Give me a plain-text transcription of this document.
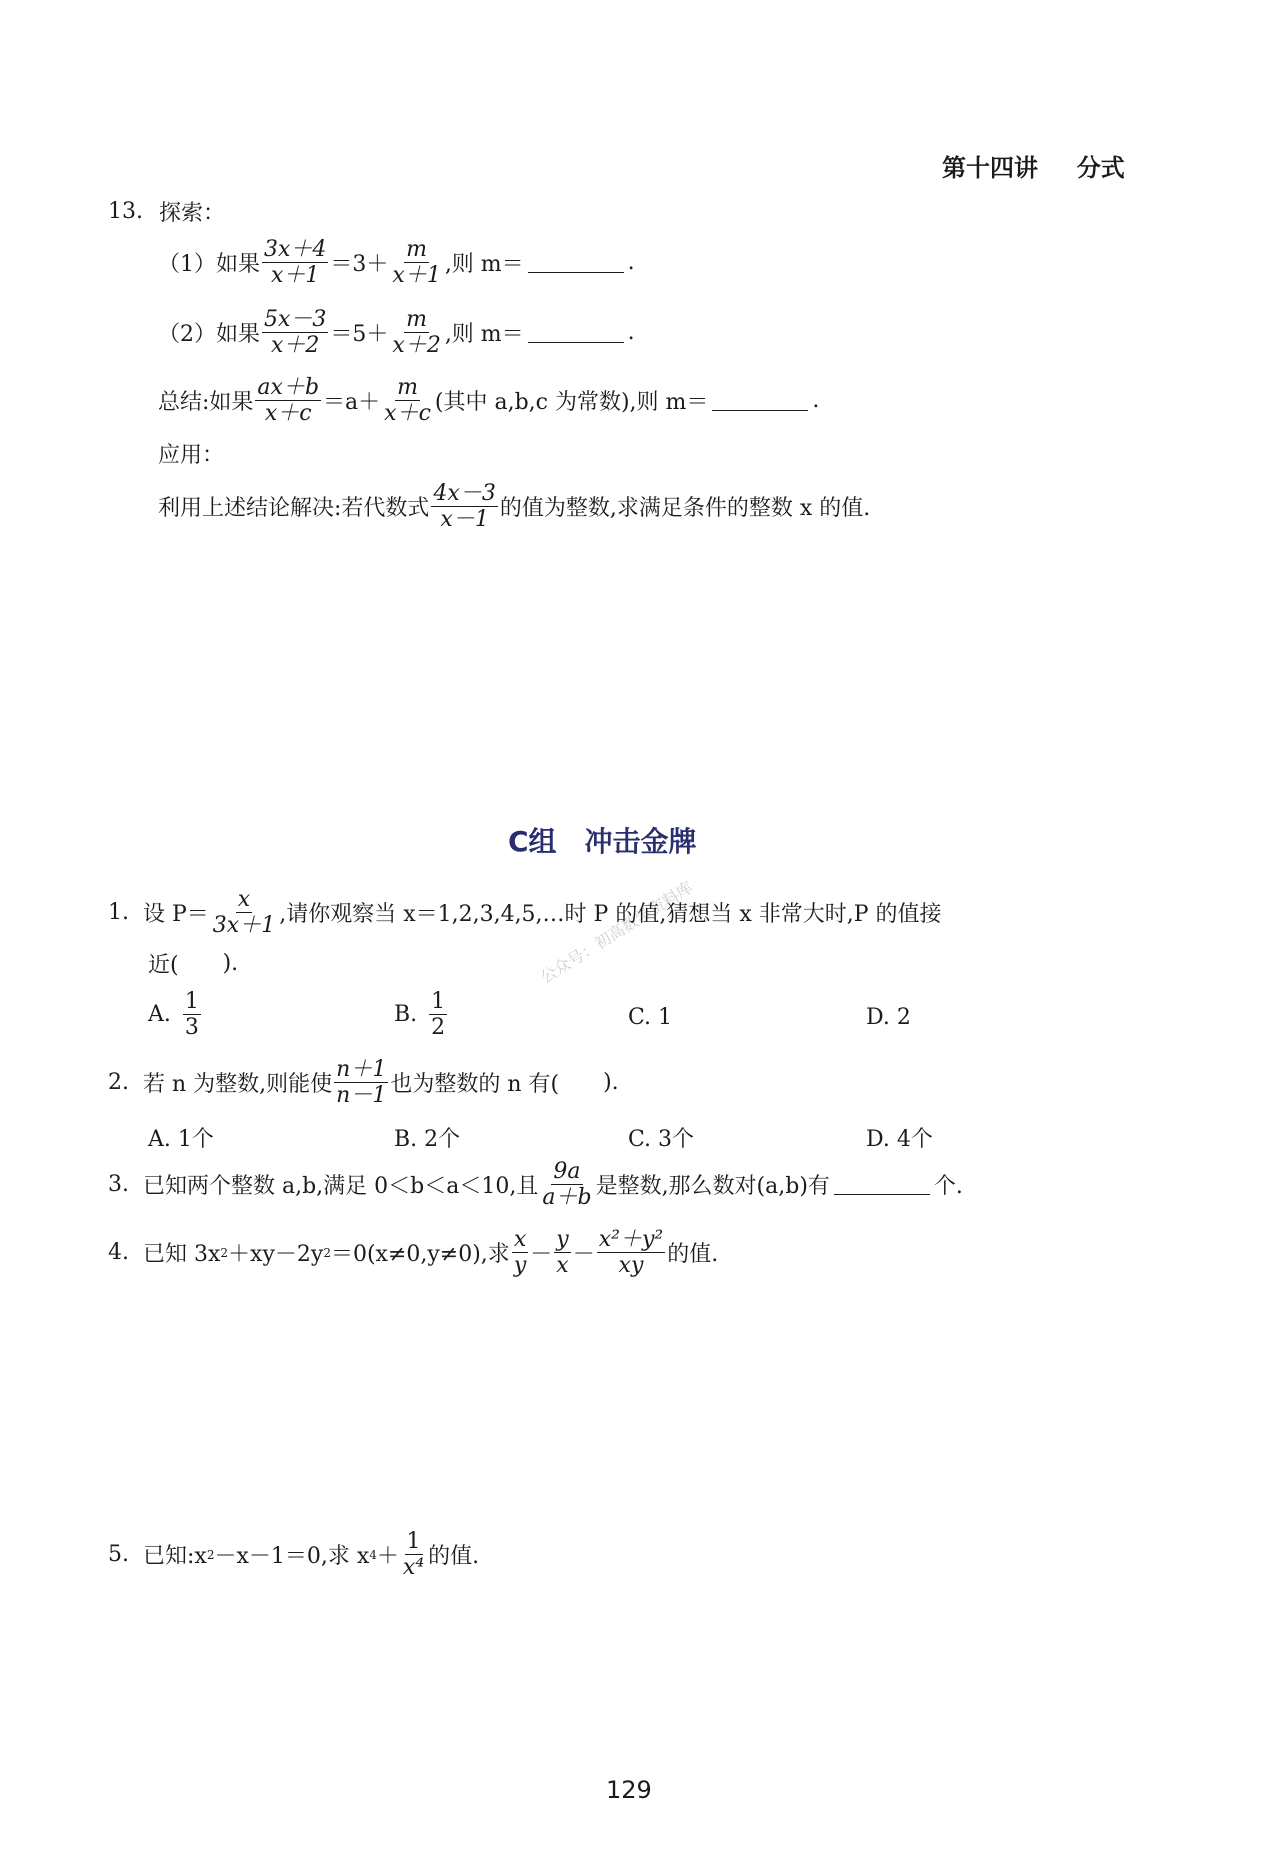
第十四讲 分式
13. 探索：
（1）如果 $\frac{3x+4}{x+1} =3+ \frac{m}{x+1}$ ,则 m＝	.
（2）如果 $\frac{5x-3}{x+2} =5+ \frac{m}{x+2}$ ,则 m＝	.
总结:如果 $\frac{ax+b}{x+c} =a+ \frac{m}{x+c}$ (其中 a,b,c 为常数),则 m＝	.
应用：
利用上述结论解决:若代数式 $\frac{4x-3}{x-1}$ 的值为整数,求满足条件的整数 x 的值.
C组　冲击金牌
公众号：初高数学资料库
1. 设 $P= \frac{x}{3x+1}$ ,请你观察当 x＝1,2,3,4,5,…时 P 的值,猜想当 x 非常大时,P 的值接
近( ).
A. $\frac{1}{3}$	B. $\frac{1}{2}$	C. 1	D. 2
2. 若 n 为整数,则能使 $\frac{n+1}{n-1}$ 也为整数的 n 有( ).
A. 1个	B. 2个	C. 3个	D. 4个
3. 已知两个整数 a,b,满足 0＜b＜a＜10,且 $\frac{9a}{a+b}$ 是整数,那么数对(a,b)有	个.
4. 已知 3x 2 ＋xy－2y 2 ＝0(x≠0,y≠0),求 $\frac{x}{y} - \frac{y}{x} - \frac{\text{x²＋y²}}{xy}$ 的值.
5. 已知:x 2 －x－1＝0,求 x $4 + \frac{1}{\text{x⁴}}$ 的值.
129
